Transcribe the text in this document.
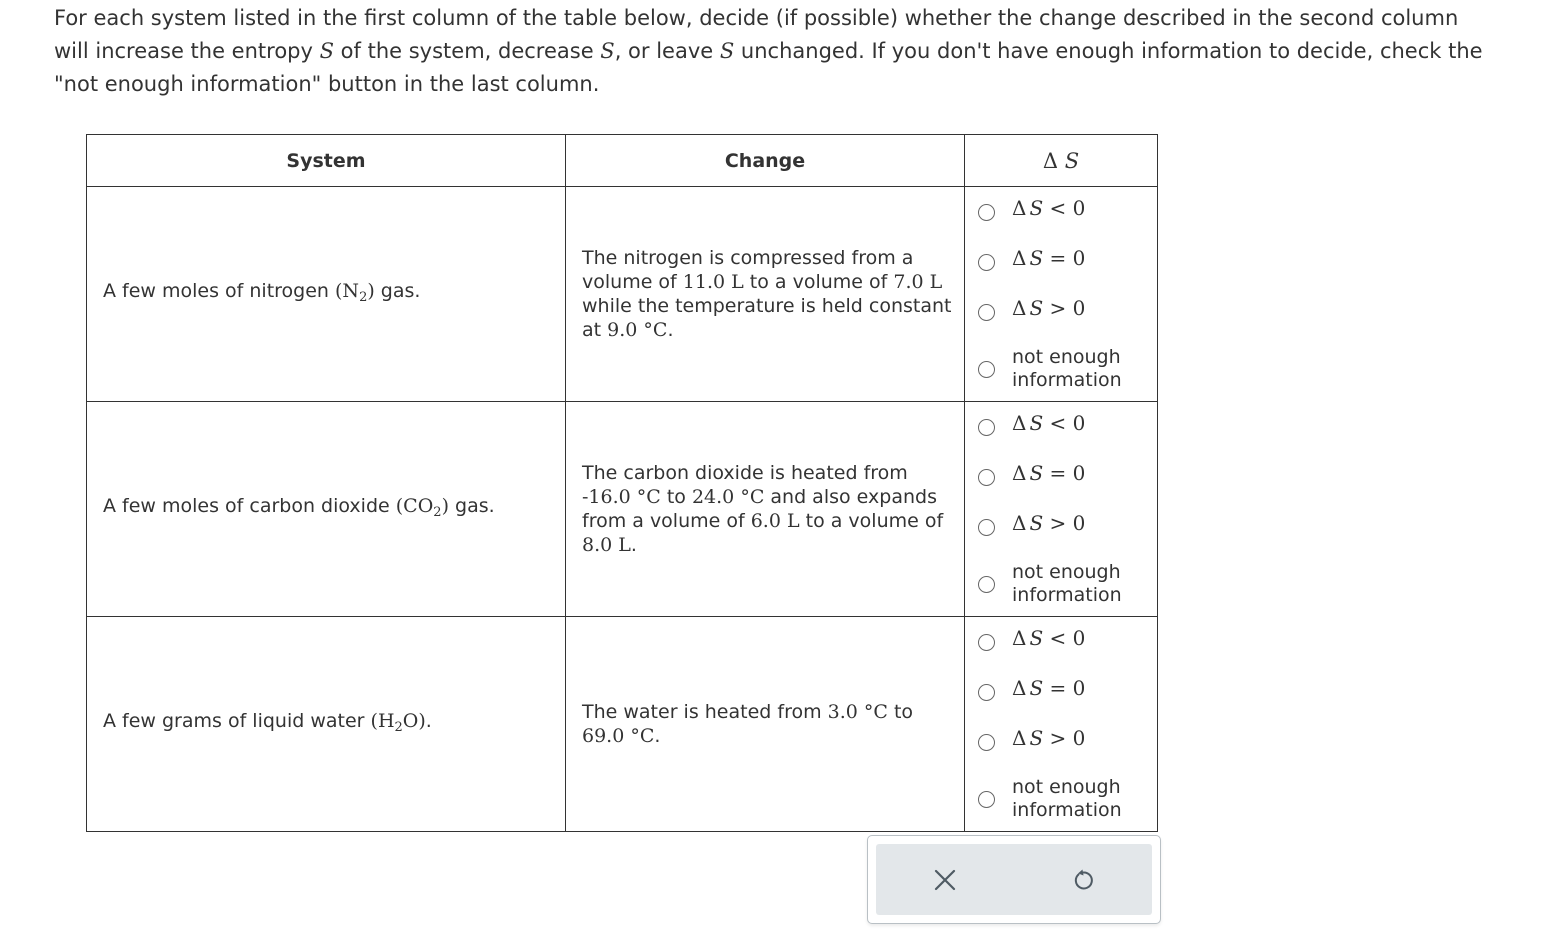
For each system listed in the first column of the table below, decide (if possible) whether the change described in the second column will increase the entropy S of the system, decrease S, or leave S unchanged. If you don't have enough information to decide, check the "not enough information" button in the last column.
System	Change	Δ S
A few moles of nitrogen $(N_2)$ gas.	The nitrogen is compressed from a volume of 11.0 L to a volume of 7.0 L while the temperature is held constant at 9.0 °C.	Δ S < 0
Δ S = 0
Δ S > 0
not enough information

A few moles of carbon dioxide $(CO_2)$ gas.	The carbon dioxide is heated from -16.0 °C to 24.0 °C and also expands from a volume of 6.0 L to a volume of 8.0 L.	Δ S < 0
Δ S = 0
Δ S > 0
not enough information

A few grams of liquid water $(H_2O)$.	The water is heated from 3.0 °C to 69.0 °C.	Δ S < 0
Δ S = 0
Δ S > 0
not enough information
